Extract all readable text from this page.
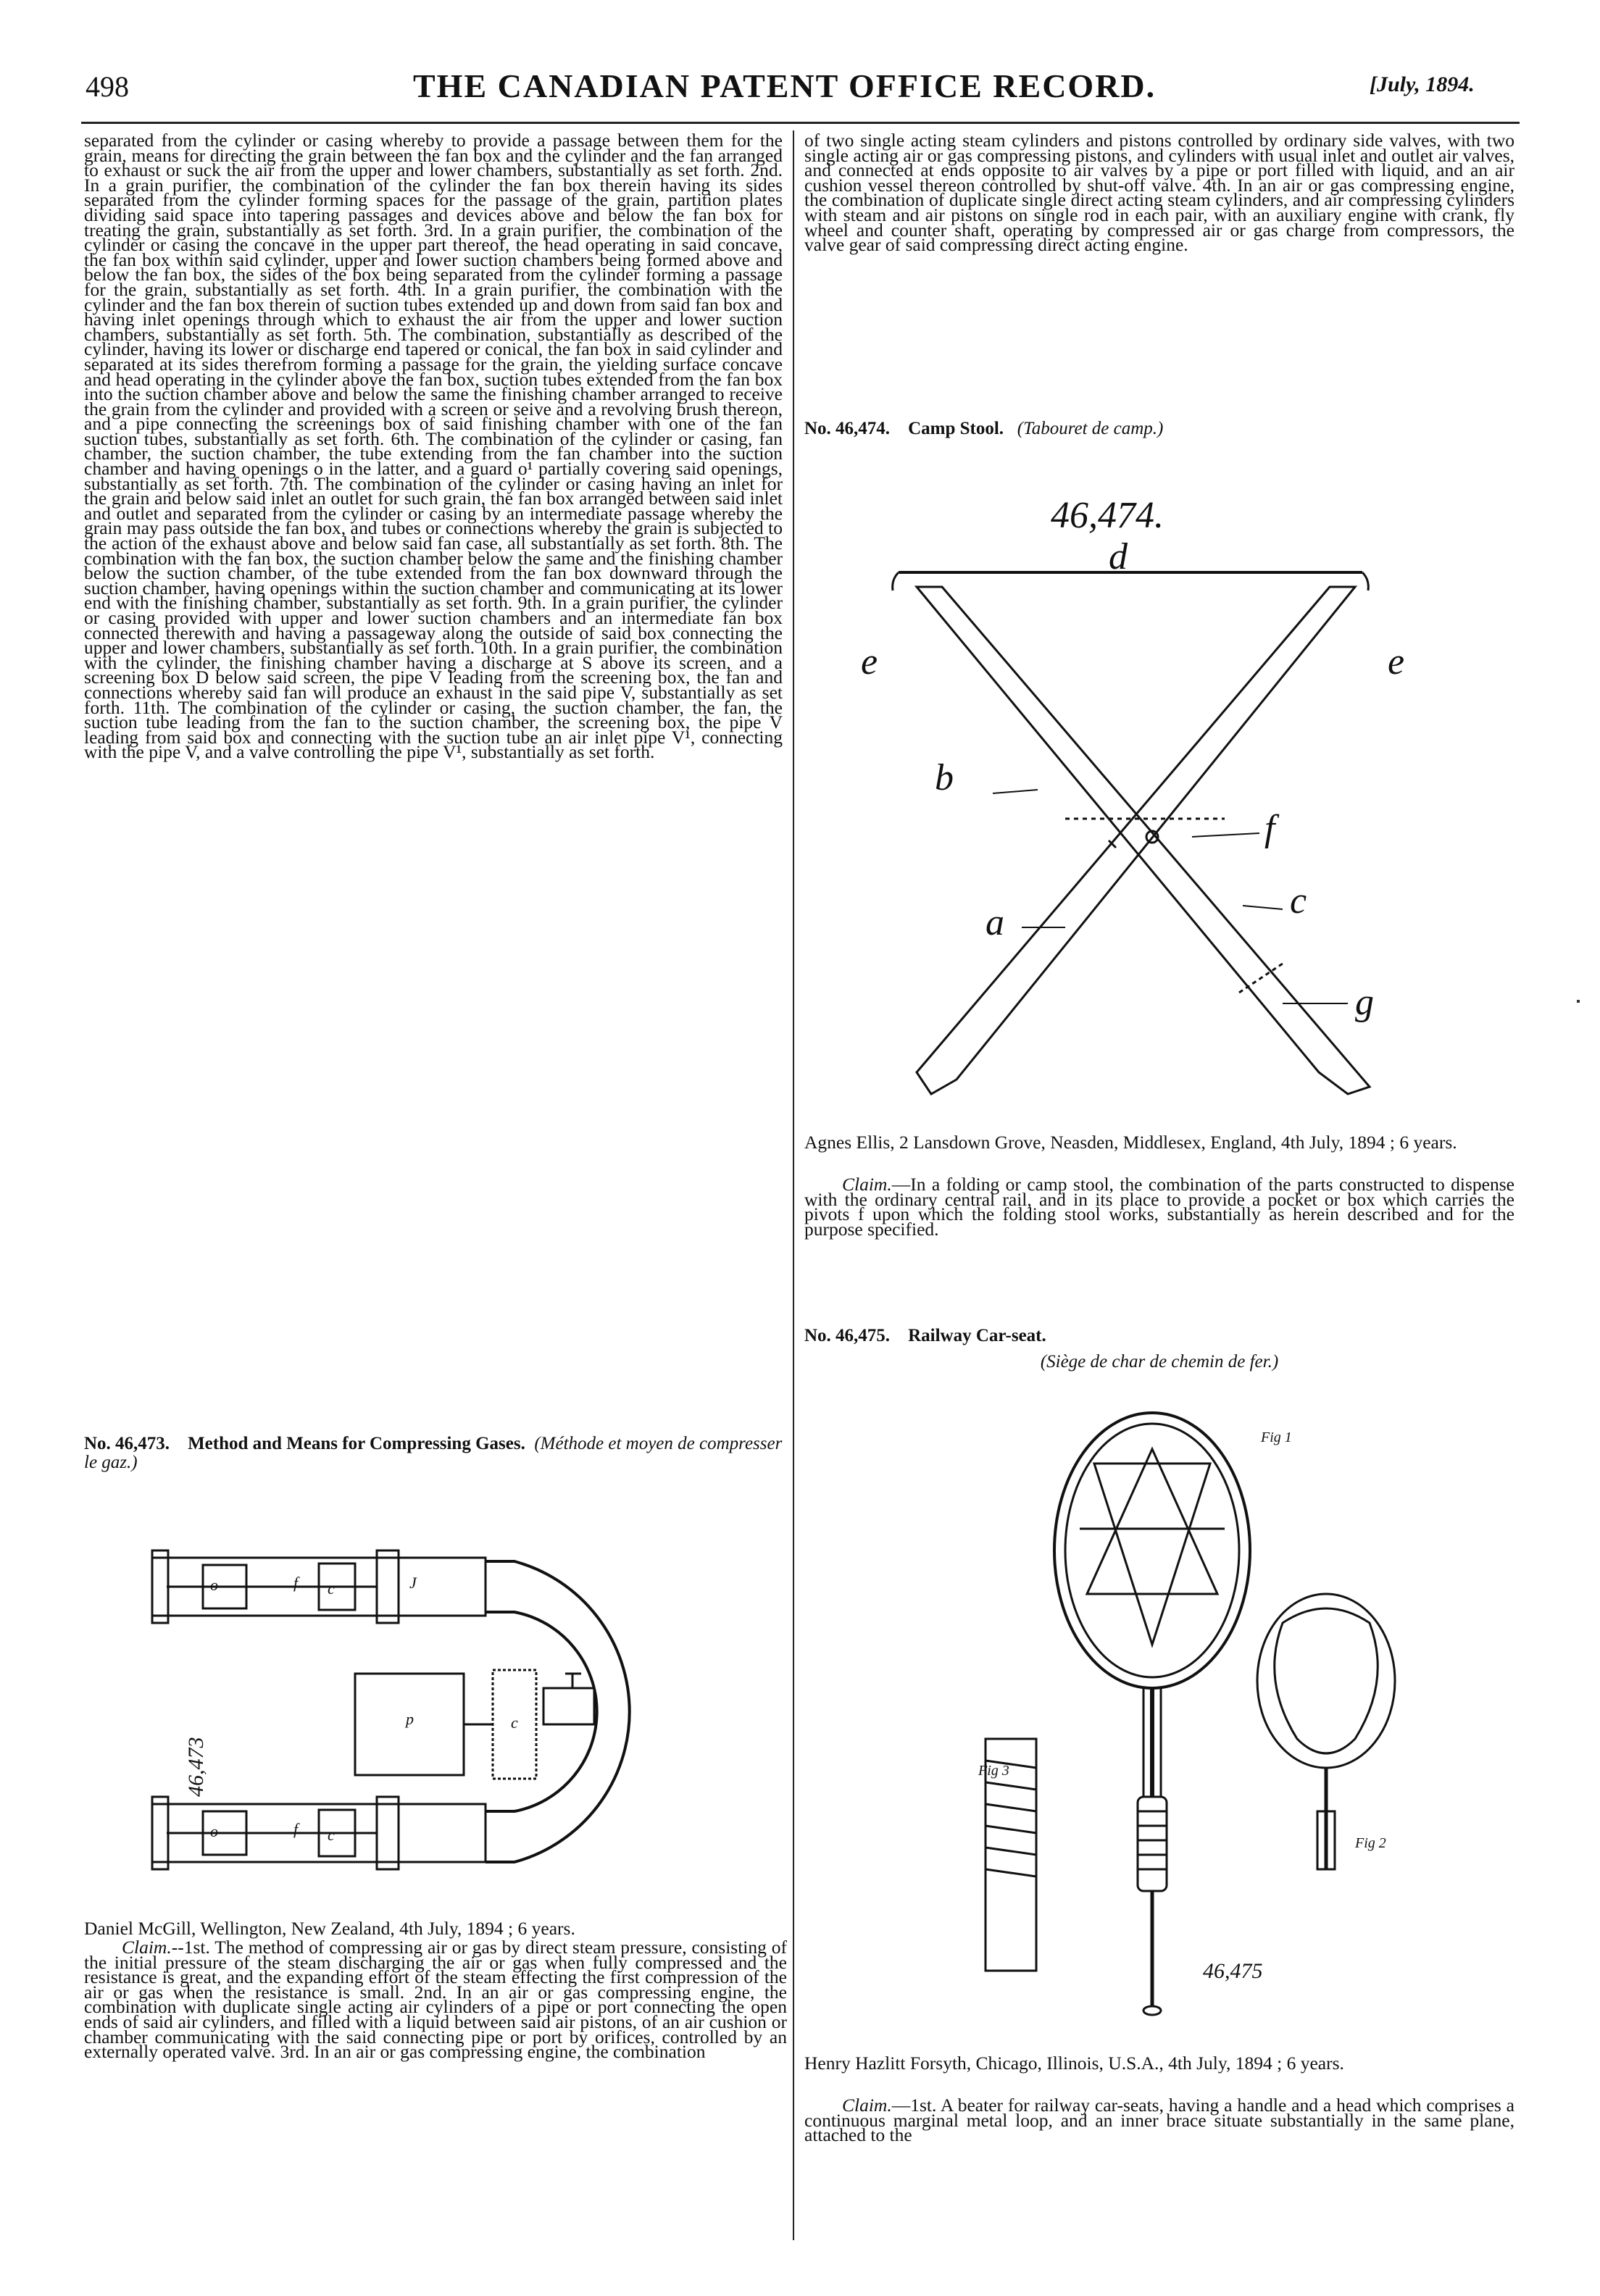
498	THE CANADIAN PATENT OFFICE RECORD.	[July, 1894.

separated from the cylinder or casing whereby to provide a passage between them for the grain, means for directing the grain between the fan box and the cylinder and the fan arranged to exhaust or suck the air from the upper and lower chambers, substantially as set forth. 2nd. In a grain purifier, the combination of the cylinder the fan box therein having its sides separated from the cylinder forming spaces for the passage of the grain, partition plates dividing said space into tapering passages and devices above and below the fan box for treating the grain, substantially as set forth. 3rd. In a grain purifier, the combination of the cylinder or casing the concave in the upper part thereof, the head operating in said concave, the fan box within said cylinder, upper and lower suction chambers being formed above and below the fan box, the sides of the box being separated from the cylinder forming a passage for the grain, substantially as set forth. 4th. In a grain purifier, the combination with the cylinder and the fan box therein of suction tubes extended up and down from said fan box and having inlet openings through which to exhaust the air from the upper and lower suction chambers, substantially as set forth. 5th. The combination, substantially as described of the cylinder, having its lower or discharge end tapered or conical, the fan box in said cylinder and separated at its sides therefrom forming a passage for the grain, the yielding surface concave and head operating in the cylinder above the fan box, suction tubes extended from the fan box into the suction chamber above and below the same the finishing chamber arranged to receive the grain from the cylinder and provided with a screen or seive and a revolving brush thereon, and a pipe connecting the screenings box of said finishing chamber with one of the fan suction tubes, substantially as set forth. 6th. The combination of the cylinder or casing, fan chamber, the suction chamber, the tube extending from the fan chamber into the suction chamber and having openings o in the latter, and a guard o¹ partially covering said openings, substantially as set forth. 7th. The combination of the cylinder or casing having an inlet for the grain and below said inlet an outlet for such grain, the fan box arranged between said inlet and outlet and separated from the cylinder or casing by an intermediate passage whereby the grain may pass outside the fan box, and tubes or connections whereby the grain is subjected to the action of the exhaust above and below said fan case, all substantially as set forth. 8th. The combination with the fan box, the suction chamber below the same and the finishing chamber below the suction chamber, of the tube extended from the fan box downward through the suction chamber, having openings within the suction chamber and communicating at its lower end with the finishing chamber, substantially as set forth. 9th. In a grain purifier, the cylinder or casing provided with upper and lower suction chambers and an intermediate fan box connected therewith and having a passageway along the outside of said box connecting the upper and lower chambers, substantially as set forth. 10th. In a grain purifier, the combination with the cylinder, the finishing chamber having a discharge at S above its screen, and a screening box D below said screen, the pipe V leading from the screening box, the fan and connections whereby said fan will produce an exhaust in the said pipe V, substantially as set forth. 11th. The combination of the cylinder or casing, the suction chamber, the fan, the suction tube leading from the fan to the suction chamber, the screening box, the pipe V leading from said box and connecting with the suction tube an air inlet pipe V¹, connecting with the pipe V, and a valve controlling the pipe V¹, substantially as set forth.

No. 46,473. Method and Means for Compressing Gases. (Méthode et moyen de compresser le gaz.)
o	f c	J
p	c
o	f c
46,473
Daniel McGill, Wellington, New Zealand, 4th July, 1894 ; 6 years.
Claim.--1st. The method of compressing air or gas by direct steam pressure, consisting of the initial pressure of the steam discharging the air or gas when fully compressed and the resistance is great, and the expanding effort of the steam effecting the first compression of the air or gas when the resistance is small. 2nd. In an air or gas compressing engine, the combination with duplicate single acting air cylinders of a pipe or port connecting the open ends of said air cylinders, and filled with a liquid between said air pistons, of an air cushion or chamber communicating with the said connecting pipe or port by orifices, controlled by an externally operated valve. 3rd. In an air or gas compressing engine, the combination

of two single acting steam cylinders and pistons controlled by ordinary side valves, with two single acting air or gas compressing pistons, and cylinders with usual inlet and outlet air valves, and connected at ends opposite to air valves by a pipe or port filled with liquid, and an air cushion vessel thereon controlled by shut-off valve. 4th. In an air or gas compressing engine, the combination of duplicate single direct acting steam cylinders, and air compressing cylinders with steam and air pistons on single rod in each pair, with an auxiliary engine with crank, fly wheel and counter shaft, operating by compressed air or gas charge from compressors, the valve gear of said compressing direct acting engine.

No. 46,474. Camp Stool. (Tabouret de camp.)
46,474.
d
e	e
b
f
c
a
g
Agnes Ellis, 2 Lansdown Grove, Neasden, Middlesex, England, 4th July, 1894 ; 6 years.
Claim.—In a folding or camp stool, the combination of the parts constructed to dispense with the ordinary central rail, and in its place to provide a pocket or box which carries the pivots f upon which the folding stool works, substantially as herein described and for the purpose specified.
No. 46,475. Railway Car-seat.
(Siège de char de chemin de fer.)
Fig 1
Fig 2
Fig 3
46,475
Henry Hazlitt Forsyth, Chicago, Illinois, U.S.A., 4th July, 1894 ; 6 years.
Claim.—1st. A beater for railway car-seats, having a handle and a head which comprises a continuous marginal metal loop, and an inner brace situate substantially in the same plane, attached to the
